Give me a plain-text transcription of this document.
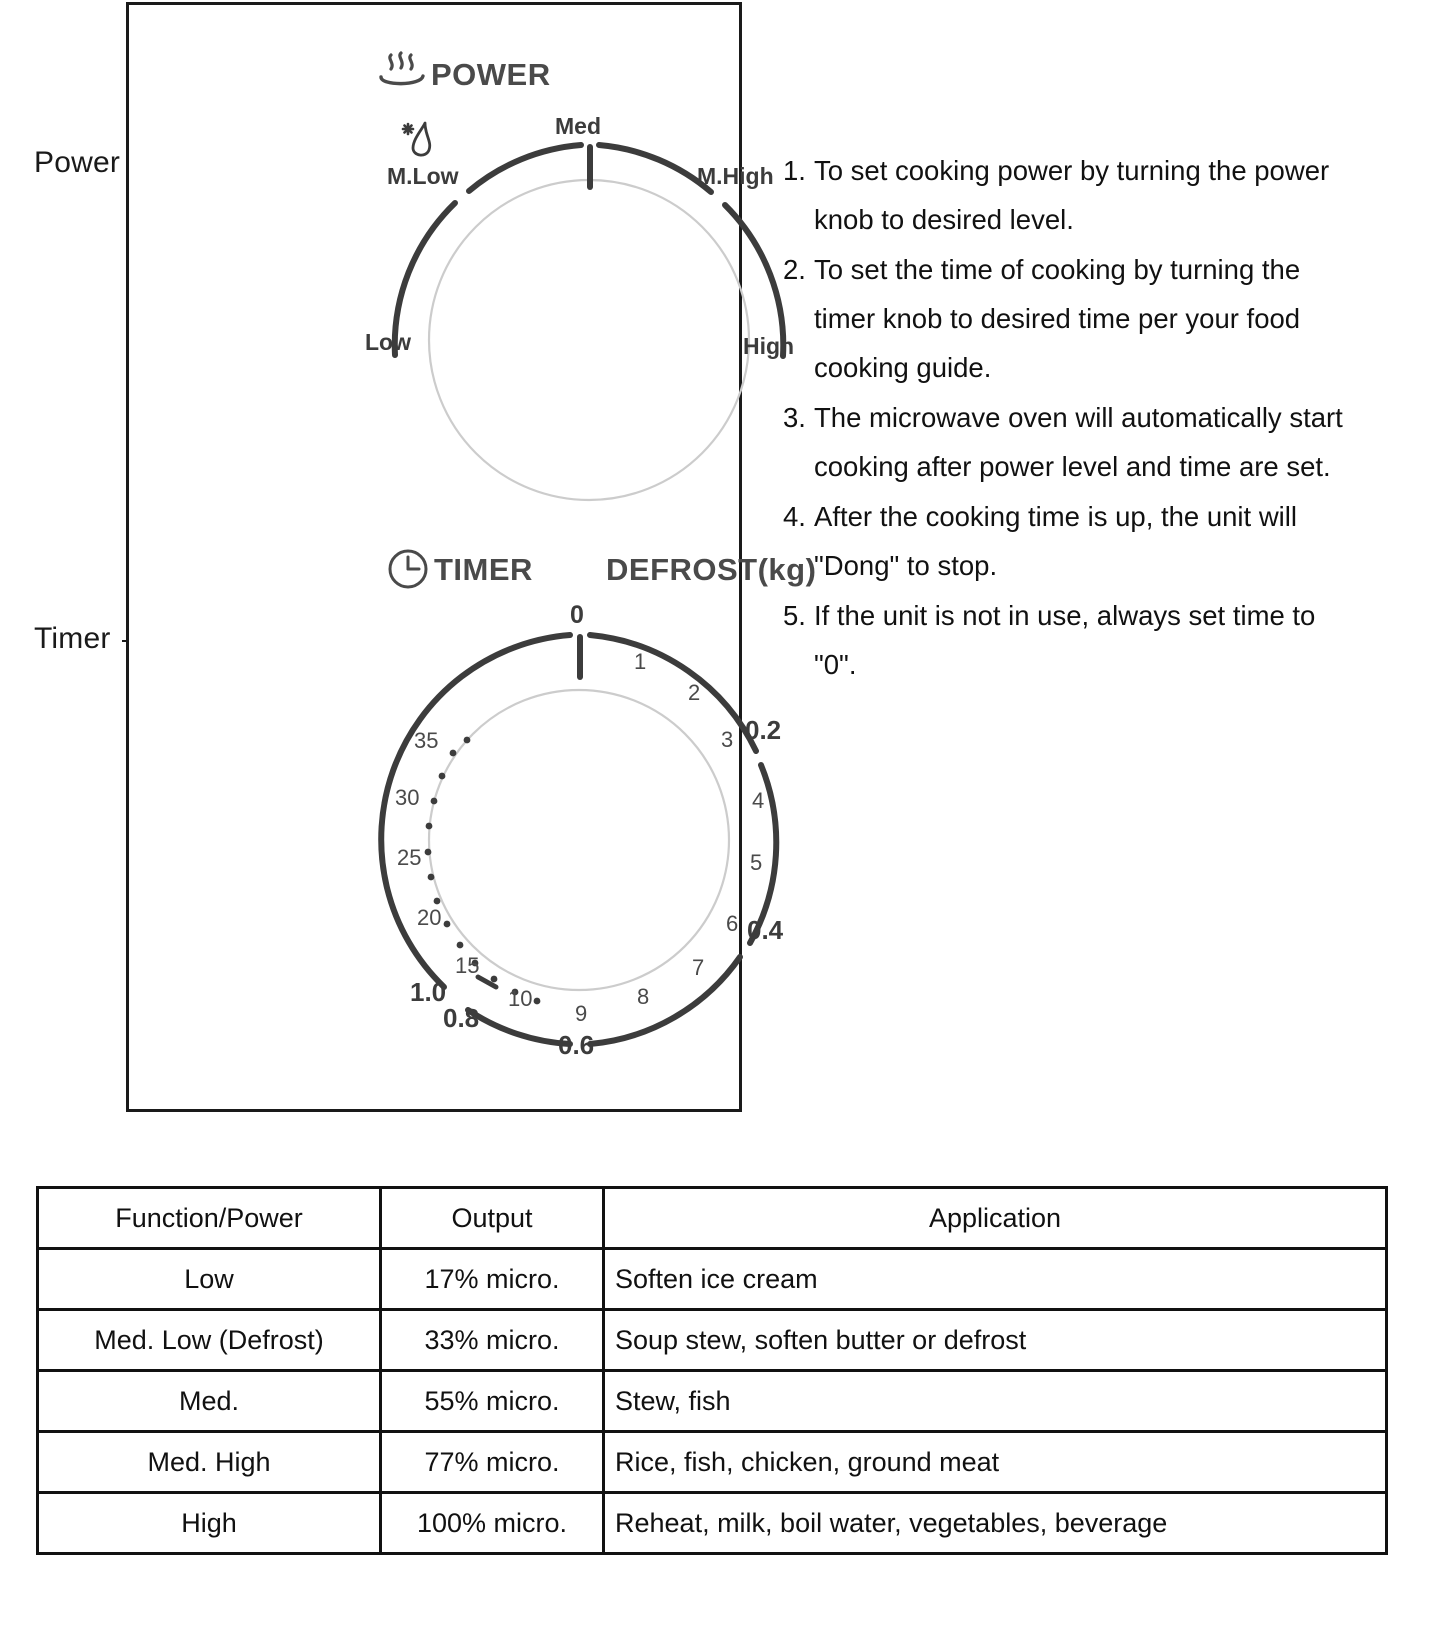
Power
Timer
POWER
Med
M.High
High
Low
M.Low
TIMER DEFROST(kg)
0
1
2
3
4
5
6
7
8
9
10
15
20
25
30
35	0.2
0.4
0.6
0.8
1.0
1. To set cooking power by turning the power knob to desired level.
2. To set the time of cooking by turning the timer knob to desired time per your food cooking guide.
3. The microwave oven will automatically start cooking after power level and time are set.
4. After the cooking time is up, the unit will "Dong" to stop.
5. If the unit is not in use, always set time to "0".
Function/Power	Output	Application
Low	17% micro.	Soften ice cream
Med. Low (Defrost)	33% micro.	Soup stew, soften butter or defrost
Med.	55% micro.	Stew, fish
Med. High	77% micro.	Rice, fish, chicken, ground meat
High	100% micro.	Reheat, milk, boil water, vegetables, beverage
